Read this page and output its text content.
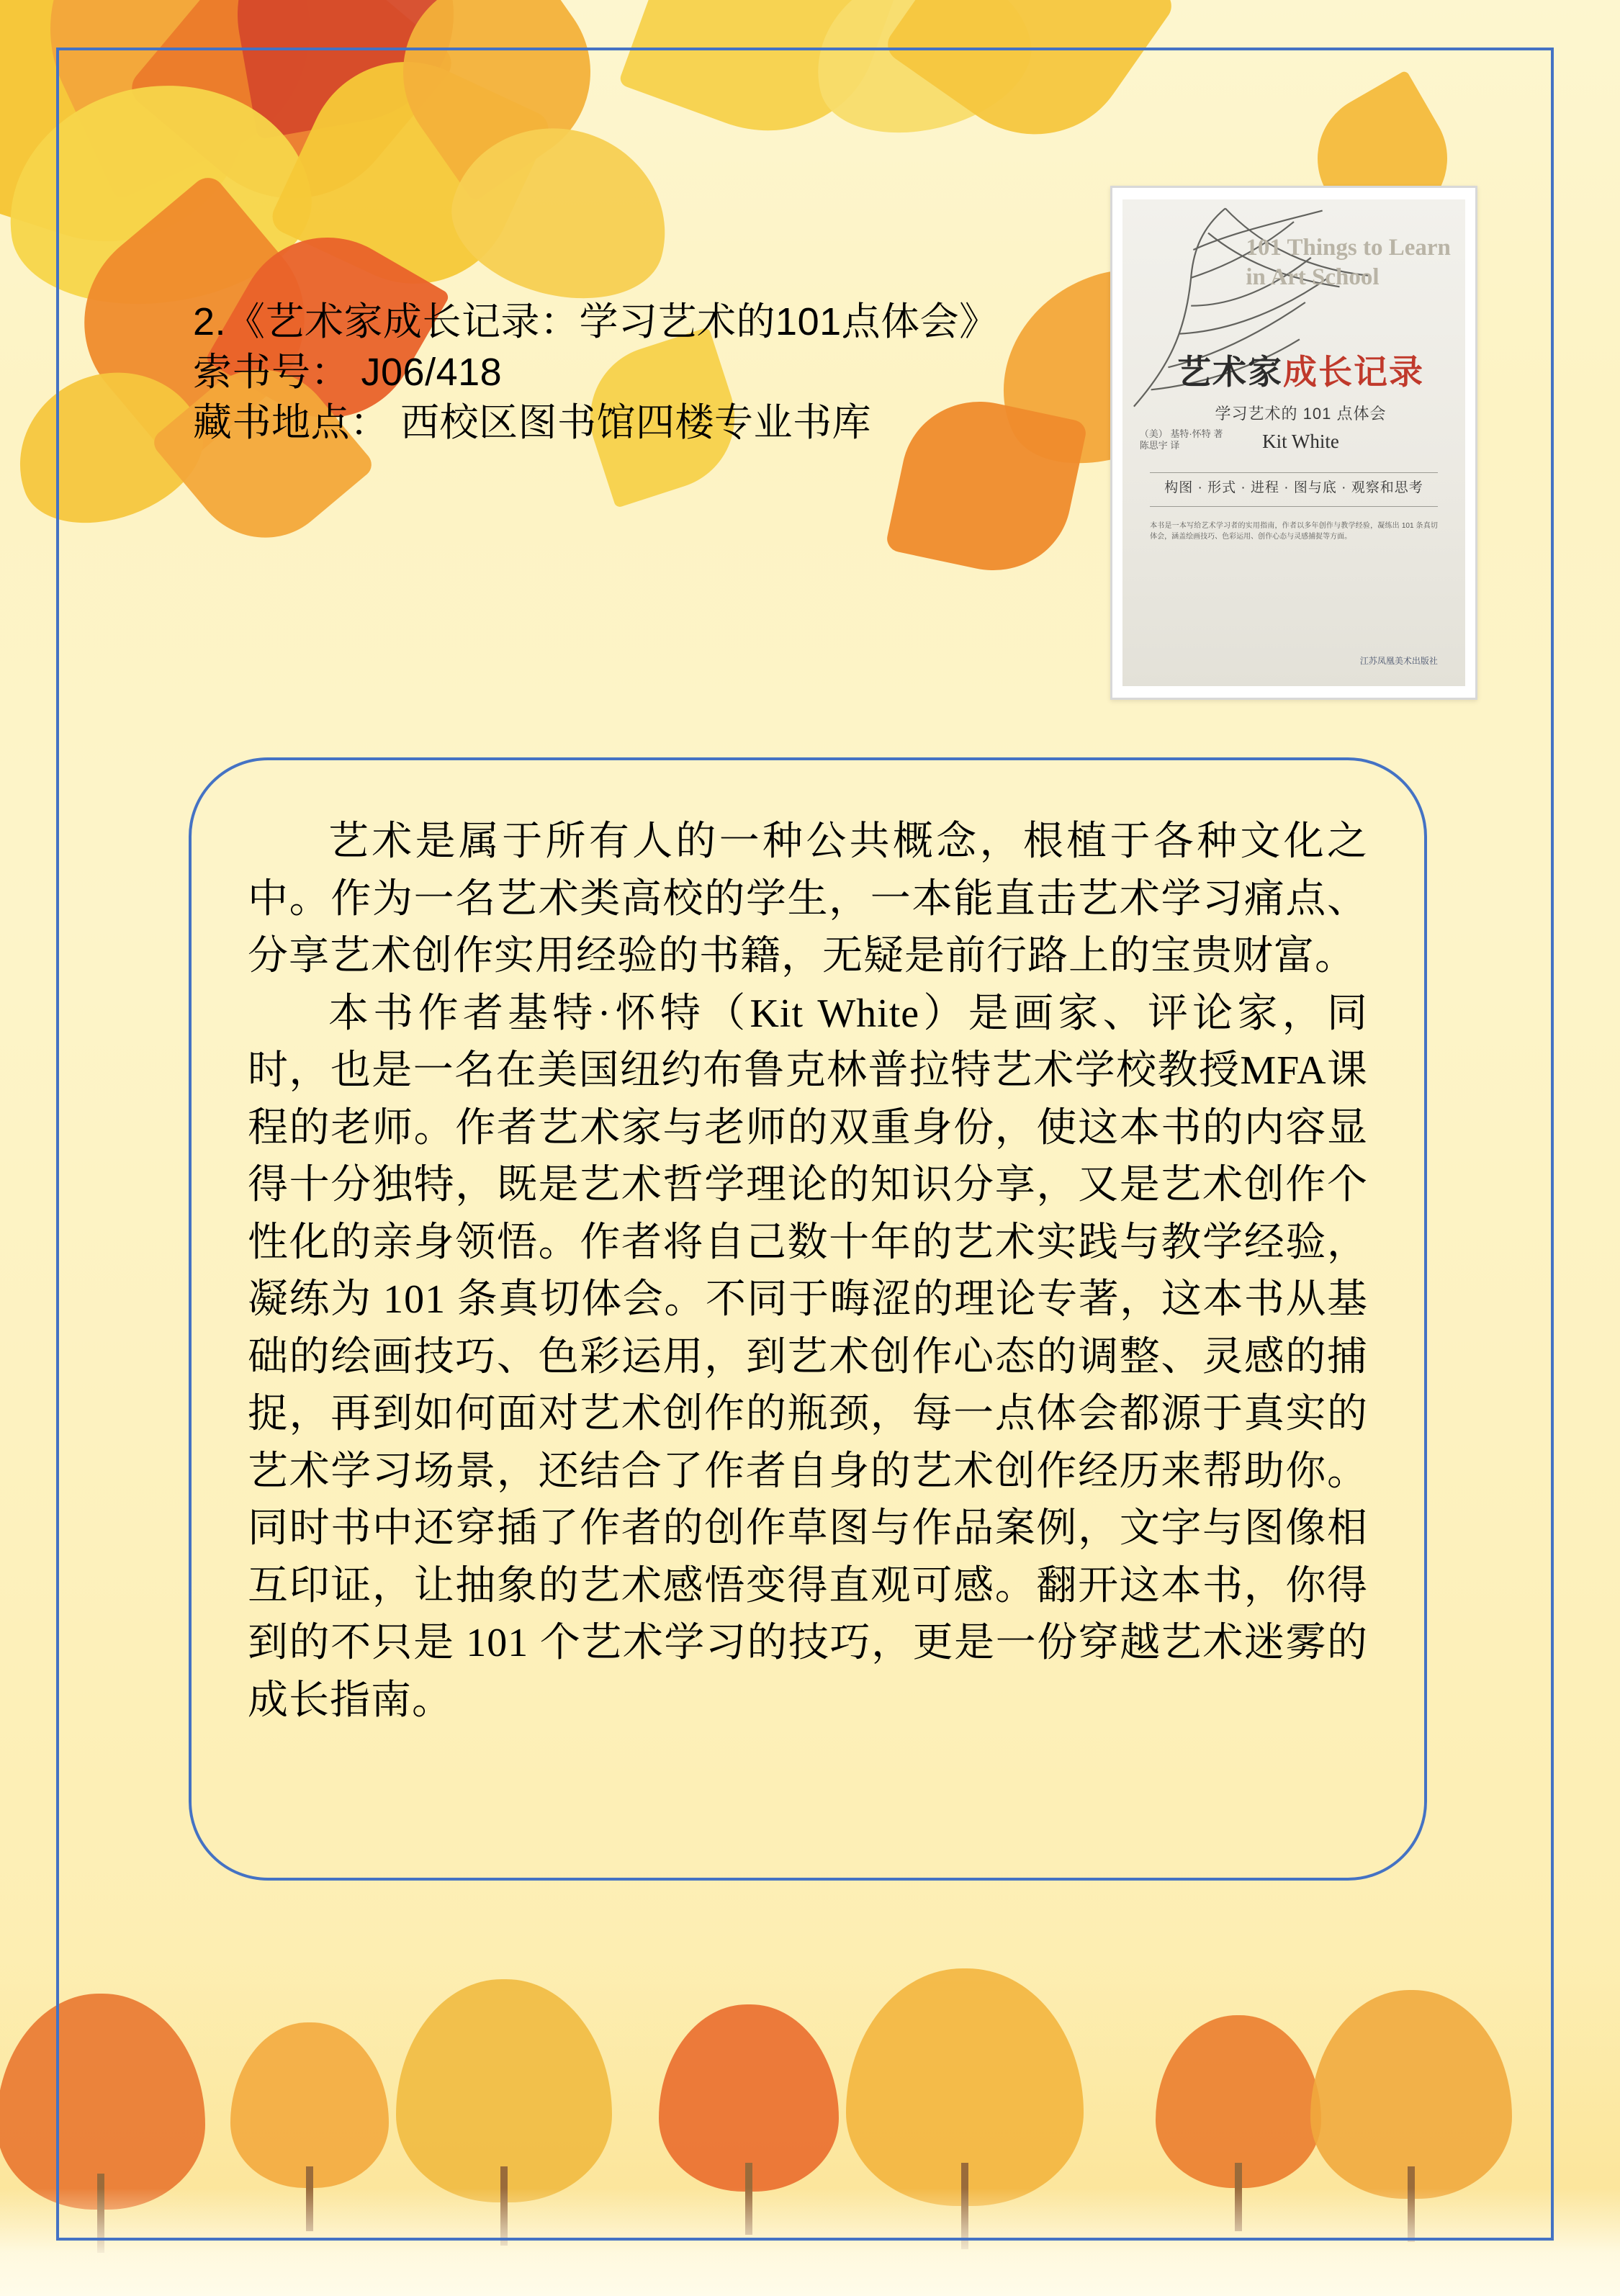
2.《艺术家成长记录：学习艺术的101点体会》
索书号： J06/418
藏书地点： 西校区图书馆四楼专业书库
101 Things to Learn in Art School
艺术家成长记录
学习艺术的 101 点体会
Kit White
（美） 基特·怀特 著 陈思宇 译
构图 · 形式 · 进程 · 图与底 · 观察和思考
本书是一本写给艺术学习者的实用指南，作者以多年创作与教学经验，凝练出 101 条真切体会，涵盖绘画技巧、色彩运用、创作心态与灵感捕捉等方面。
江苏凤凰美术出版社

艺术是属于所有人的一种公共概念，根植于各种文化之中。作为一名艺术类高校的学生，一本能直击艺术学习痛点、分享艺术创作实用经验的书籍，无疑是前行路上的宝贵财富。

本书作者基特·怀特（Kit White）是画家、评论家，同时，也是一名在美国纽约布鲁克林普拉特艺术学校教授MFA课程的老师。作者艺术家与老师的双重身份，使这本书的内容显得十分独特，既是艺术哲学理论的知识分享，又是艺术创作个性化的亲身领悟。作者将自己数十年的艺术实践与教学经验，凝练为 101 条真切体会。不同于晦涩的理论专著，这本书从基础的绘画技巧、色彩运用，到艺术创作心态的调整、灵感的捕捉，再到如何面对艺术创作的瓶颈，每一点体会都源于真实的艺术学习场景，还结合了作者自身的艺术创作经历来帮助你。同时书中还穿插了作者的创作草图与作品案例，文字与图像相互印证，让抽象的艺术感悟变得直观可感。翻开这本书，你得到的不只是 101 个艺术学习的技巧，更是一份穿越艺术迷雾的成长指南。
